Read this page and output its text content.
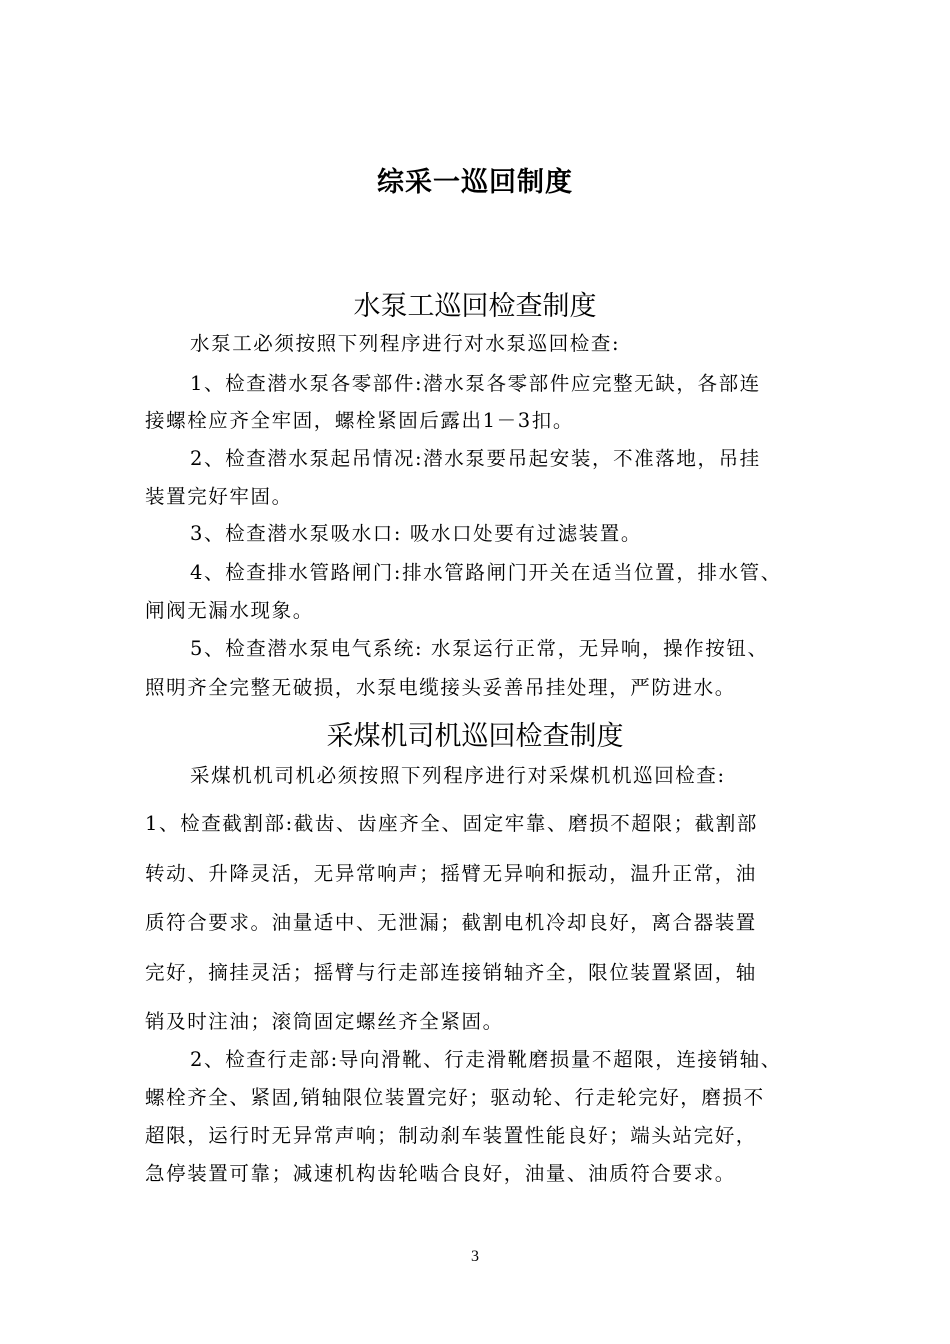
综采一巡回制度
水泵工巡回检查制度

水泵工必须按照下列程序进行对水泵巡回检查:

1、检查潜水泵各零部件:潜水泵各零部件应完整无缺，各部连

接螺栓应齐全牢固，螺栓紧固后露出1－3扣。

2、检查潜水泵起吊情况:潜水泵要吊起安装，不准落地，吊挂

装置完好牢固。

3、检查潜水泵吸水口: 吸水口处要有过滤装置。

4、检查排水管路闸门:排水管路闸门开关在适当位置，排水管、

闸阀无漏水现象。

5、检查潜水泵电气系统: 水泵运行正常，无异响，操作按钮、

照明齐全完整无破损，水泵电缆接头妥善吊挂处理，严防进水。

采煤机司机巡回检查制度

采煤机机司机必须按照下列程序进行对采煤机机巡回检查:

1、检查截割部:截齿、齿座齐全、固定牢靠、磨损不超限；截割部

转动、升降灵活，无异常响声；摇臂无异响和振动，温升正常，油

质符合要求。油量适中、无泄漏；截割电机冷却良好，离合器装置

完好，摘挂灵活；摇臂与行走部连接销轴齐全，限位装置紧固，轴

销及时注油；滚筒固定螺丝齐全紧固。

2、检查行走部:导向滑靴、行走滑靴磨损量不超限，连接销轴、

螺栓齐全、紧固,销轴限位装置完好；驱动轮、行走轮完好，磨损不

超限，运行时无异常声响；制动刹车装置性能良好；端头站完好，

急停装置可靠；减速机构齿轮啮合良好，油量、油质符合要求。

3
